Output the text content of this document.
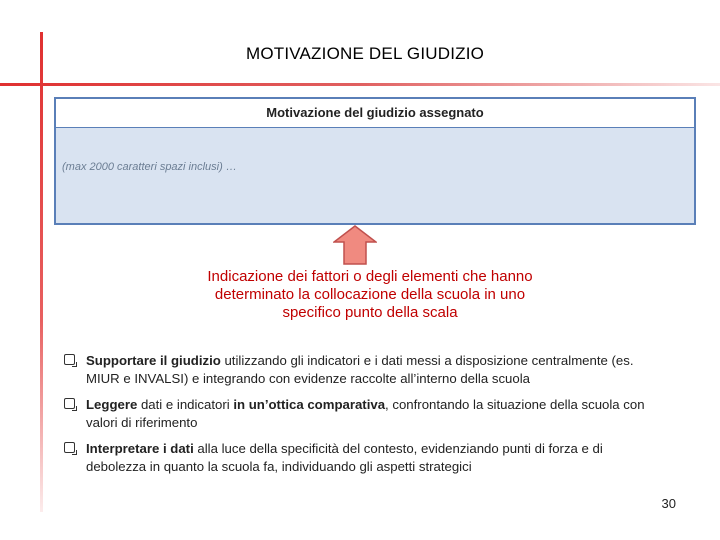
MOTIVAZIONE DEL GIUDIZIO
Motivazione del giudizio assegnato
(max 2000 caratteri spazi inclusi) …
Indicazione dei fattori o degli elementi che hanno
determinato la collocazione della scuola in uno
specifico punto della scala
Supportare il giudizio utilizzando gli indicatori e i dati messi a disposizione centralmente (es. MIUR e INVALSI) e integrando con evidenze raccolte all’interno della scuola
Leggere dati e indicatori in un’ottica comparativa, confrontando la situazione della scuola con valori di riferimento
Interpretare i dati alla luce della specificità del contesto, evidenziando punti di forza e di debolezza in quanto la scuola fa, individuando gli aspetti strategici
30
